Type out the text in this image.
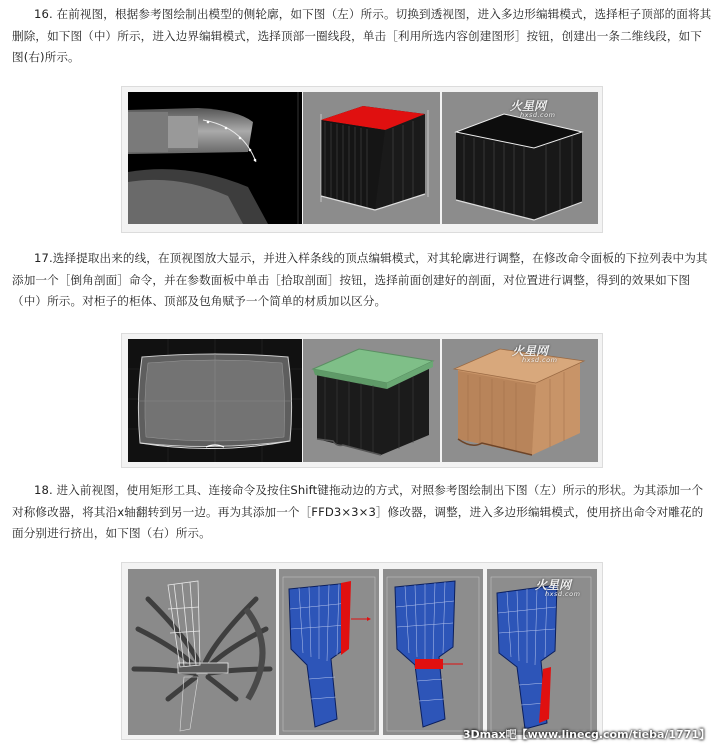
16. 在前视图，根据参考图绘制出模型的侧轮廓，如下图（左）所示。切换到透视图，进入多边形编辑模式，选择柜子顶部的面将其删除，如下图（中）所示，进入边界编辑模式，选择顶部一圈线段，单击［利用所选内容创建图形］按钮，创建出一条二维线段，如下图(右)所示。
火星网
hxsd.com
17.选择提取出来的线，在顶视图放大显示，并进入样条线的顶点编辑模式，对其轮廓进行调整，在修改命令面板的下拉列表中为其添加一个［倒角剖面］命令，并在参数面板中单击［拾取剖面］按钮，选择前面创建好的剖面，对位置进行调整，得到的效果如下图（中）所示。对柜子的柜体、顶部及包角赋予一个简单的材质加以区分。
火星网
hxsd.com
18. 进入前视图，使用矩形工具、连接命令及按住Shift键拖动边的方式，对照参考图绘制出下图（左）所示的形状。为其添加一个对称修改器，将其沿x轴翻转到另一边。再为其添加一个［FFD3×3×3］修改器，调整，进入多边形编辑模式，使用挤出命令对雕花的面分别进行挤出，如下图（右）所示。
火星网
hxsd.com
3Dmax吧【www.linecg.com/tieba/1771】
